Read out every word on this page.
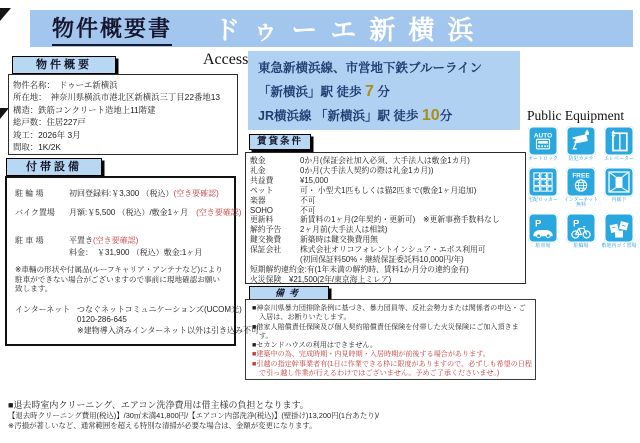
物件概要書 ドゥーエ新横浜
物件概要
物件名称：　ドゥーエ新横浜
所在地：　神奈川県横浜市港北区新横浜三丁目22番地13
構造：鉄筋コンクリート造地上11階建
総戸数：住居227戸
竣工：2026年 3月
間取：1K/2K
Access 東急新横浜線、市営地下鉄ブルーライン
「新横浜」駅 徒歩 7 分
JR横浜線 「新横浜」駅 徒歩 10分
賃貸条件
敷金	0か月(保証会社加入必須、大手法人は敷金1カ月)
礼金	0か月(大手法人契約の際は礼金1カ月))
共益費	¥15,000
ペット	可・ 小型犬1匹もしくは猫2匹まで(敷金1ヶ月追加)
楽器	不可
SOHO	不可
更新料	新賃料の1ヶ月(2年契約・更新可)　※更新事務手数料なし
解約予告	2ヶ月前(大手法人は相談)
鍵交換費	新築時は鍵交換費用無
保証会社	株式会社オリコフォレントインシュア・エポス利用可
(初回保証料50%・継続保証委託料10,000円/年)
短期解約違約金:有(1年未満の解約時、賃料1か月分の違約金有)
火災保険　¥21,500(2年/東京海上ミレア)
備考
■神奈川県暴力団排除条例に基づき、暴力団員等、反社会勢力または関係者の申込・ご入居は、お断りいたします。
■借家人賠償責任保険及び個人契約賠償責任保険を付帯した火災保険にご加入頂きます。
■セカンドハウスの利用はできません。
■建築中の為、完成時期・内見時期・入居時期が前後する場合があります。
■引越の指定幹事業者有(1日に作業できる枠に限度がありますので、必ずしも希望の日程で引っ越し作業が行えるわけではございません。予めご了承くださいませ。)
付帯設備
駐 輪 場	初回登録料:￥3,300 （税込）(空き要確認)
バイク置場	月額:￥5,500 （税込）/敷金1ヶ月　(空き要確認)
駐 車 場	平置き(空き要確認)
料金：　￥31,900 （税込）敷金:1ヶ月
※車輛の形状や付属品(ルーフキャリア・アンテナなど)により駐車ができない場合がございますので事前に現地確認お願い致します。
インターネット つなぐネットコミュニケーションズ(UCOM光)
0120-286-645
※建物導入済みインターネット以外は引き込み不可
Public Equipment
AUTO
オートロック	防犯カメラ	エレベーター
宅配ロッカー
FREE
インターネット無料
内廊下
P
駐車場
P
駐輪場	敷地内ゴミ置場
■退去時室内クリーニング、エアコン洗浄費用は借主様の負担となります。
【退去時クリーニング費用(税込)】/30㎡未満41,800円/【エアコン内部洗浄(税込)】(壁掛け)13,200円(1台あたり)/
※汚損が著しいなど、通常範囲を超える特別な清掃が必要な場合は、金額が変更になります。
